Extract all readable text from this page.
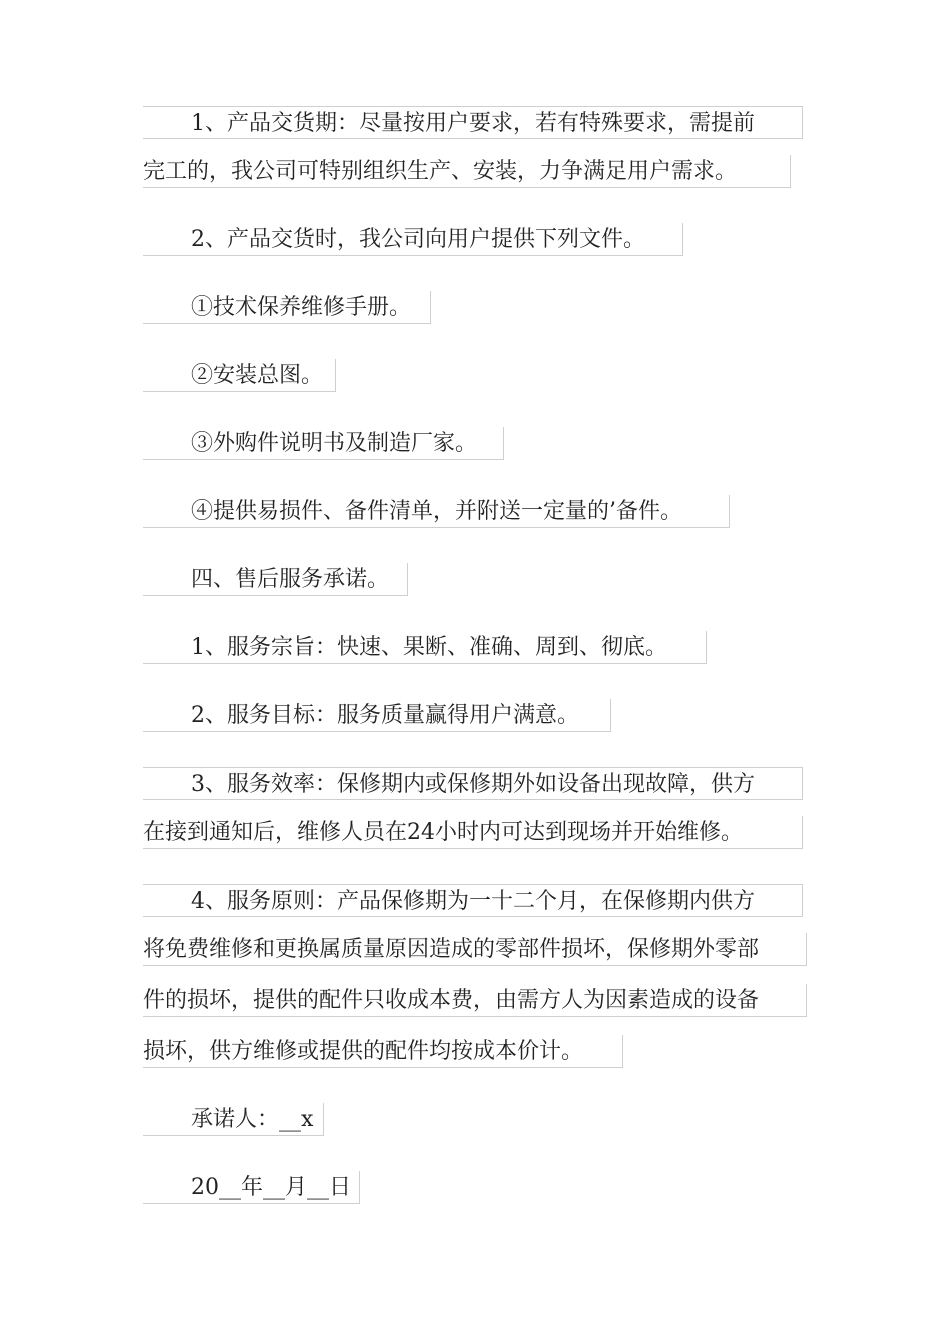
1、产品交货期：尽量按用户要求，若有特殊要求，需提前
完工的，我公司可特别组织生产、安装，力争满足用户需求。
2、产品交货时，我公司向用户提供下列文件。
①技术保养维修手册。
②安装总图。
③外购件说明书及制造厂家。
④提供易损件、备件清单，并附送一定量的’备件。
四、售后服务承诺。
1、服务宗旨：快速、果断、准确、周到、彻底。
2、服务目标：服务质量赢得用户满意。
3、服务效率：保修期内或保修期外如设备出现故障，供方
在接到通知后，维修人员在24小时内可达到现场并开始维修。
4、服务原则：产品保修期为一十二个月，在保修期内供方
将免费维修和更换属质量原因造成的零部件损坏，保修期外零部
件的损坏，提供的配件只收成本费，由需方人为因素造成的设备
损坏，供方维修或提供的配件均按成本价计。
承诺人：__x
20__年__月__日
